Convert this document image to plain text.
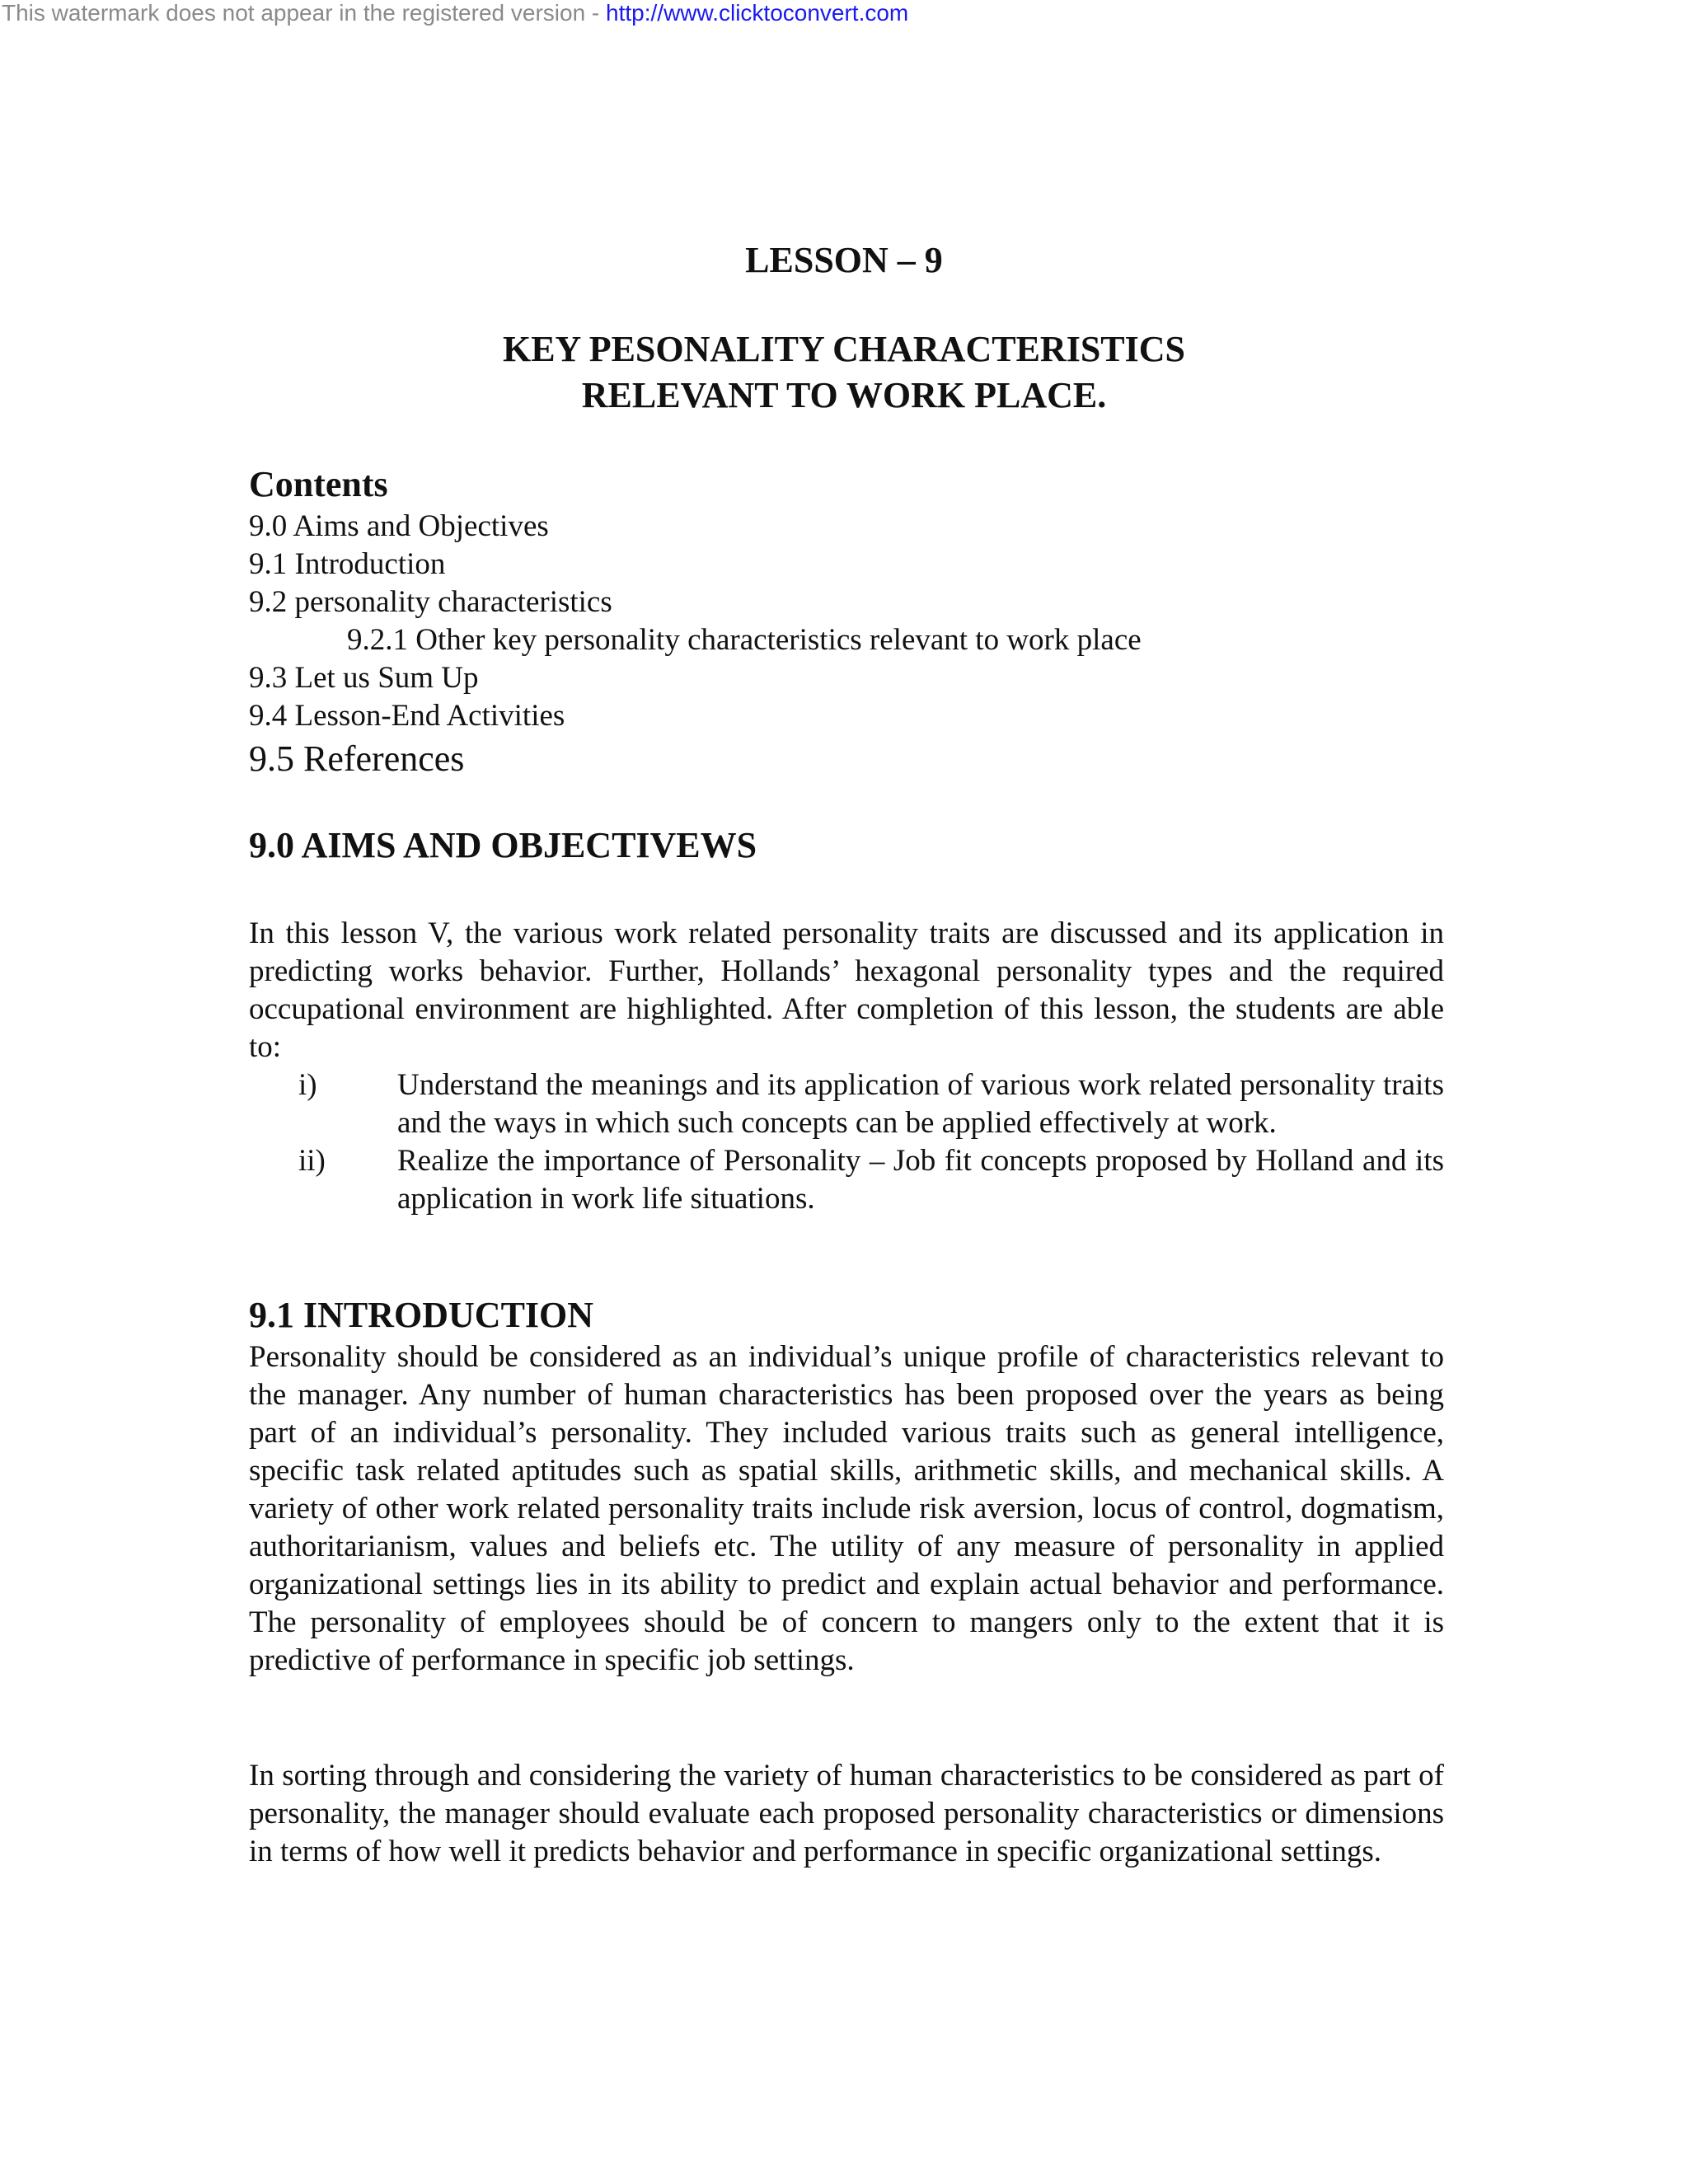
This watermark does not appear in the registered version - http://www.clicktoconvert.com
LESSON – 9
KEY PESONALITY CHARACTERISTICS
RELEVANT TO WORK PLACE.
Contents
9.0 Aims and Objectives
9.1 Introduction
9.2 personality characteristics
9.2.1 Other key personality characteristics relevant to work place
9.3 Let us Sum Up
9.4 Lesson-End Activities
9.5 References
9.0 AIMS AND OBJECTIVEWS
In this lesson V, the various work related personality traits are discussed and its application in predicting works behavior. Further, Hollands’ hexagonal personality types and the required occupational environment are highlighted. After completion of this lesson, the students are able to:
i)	Understand the meanings and its application of various work related personality traits and the ways in which such concepts can be applied effectively at work.
ii)	Realize the importance of Personality – Job fit concepts proposed by Holland and its application in work life situations.
9.1 INTRODUCTION
Personality should be considered as an individual’s unique profile of characteristics relevant to the manager. Any number of human characteristics has been proposed over the years as being part of an individual’s personality. They included various traits such as general intelligence, specific task related aptitudes such as spatial skills, arithmetic skills, and mechanical skills. A variety of other work related personality traits include risk aversion, locus of control, dogmatism, authoritarianism, values and beliefs etc. The utility of any measure of personality in applied organizational settings lies in its ability to predict and explain actual behavior and performance. The personality of employees should be of concern to mangers only to the extent that it is predictive of performance in specific job settings.
In sorting through and considering the variety of human characteristics to be considered as part of personality, the manager should evaluate each proposed personality characteristics or dimensions in terms of how well it predicts behavior and performance in specific organizational settings.
